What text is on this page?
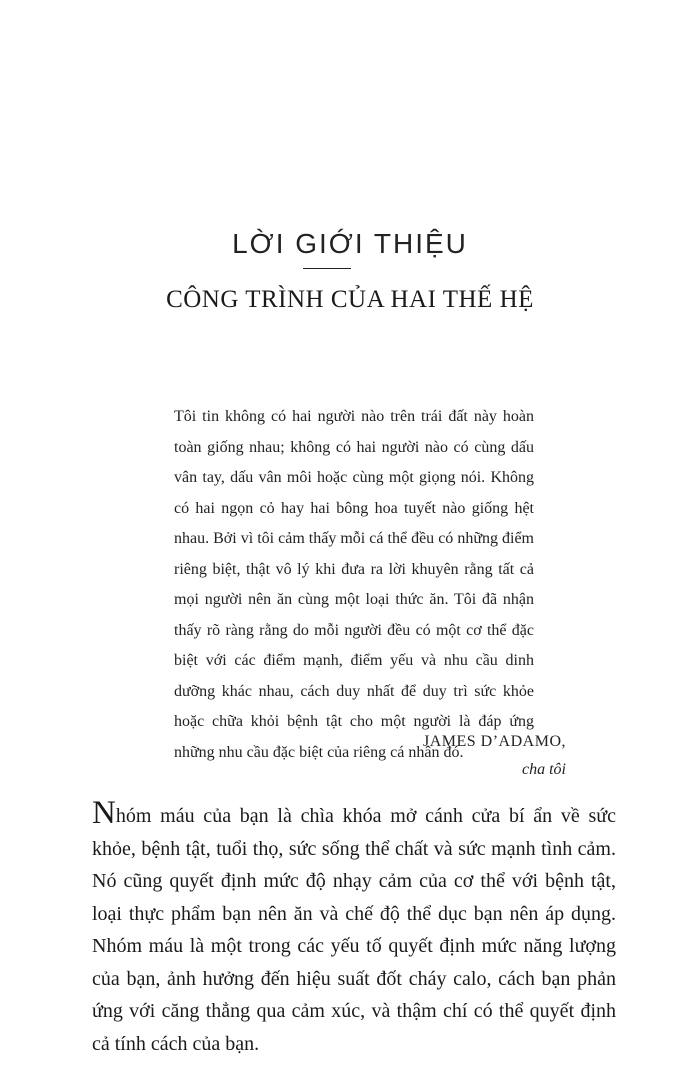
LỜI GIỚI THIỆU
CÔNG TRÌNH CỦA HAI THẾ HỆ

Tôi tin không có hai người nào trên trái đất này hoàn toàn giống nhau; không có hai người nào có cùng dấu vân tay, dấu vân môi hoặc cùng một giọng nói. Không có hai ngọn cỏ hay hai bông hoa tuyết nào giống hệt nhau. Bởi vì tôi cảm thấy mỗi cá thể đều có những điểm riêng biệt, thật vô lý khi đưa ra lời khuyên rằng tất cả mọi người nên ăn cùng một loại thức ăn. Tôi đã nhận thấy rõ ràng rằng do mỗi người đều có một cơ thể đặc biệt với các điểm mạnh, điểm yếu và nhu cầu dinh dưỡng khác nhau, cách duy nhất để duy trì sức khỏe hoặc chữa khỏi bệnh tật cho một người là đáp ứng những nhu cầu đặc biệt của riêng cá nhân đó.

JAMES D’ADAMO,
cha tôi

Nhóm máu của bạn là chìa khóa mở cánh cửa bí ẩn về sức khỏe, bệnh tật, tuổi thọ, sức sống thể chất và sức mạnh tình cảm. Nó cũng quyết định mức độ nhạy cảm của cơ thể với bệnh tật, loại thực phẩm bạn nên ăn và chế độ thể dục bạn nên áp dụng. Nhóm máu là một trong các yếu tố quyết định mức năng lượng của bạn, ảnh hưởng đến hiệu suất đốt cháy calo, cách bạn phản ứng với căng thẳng qua cảm xúc, và thậm chí có thể quyết định cả tính cách của bạn.
